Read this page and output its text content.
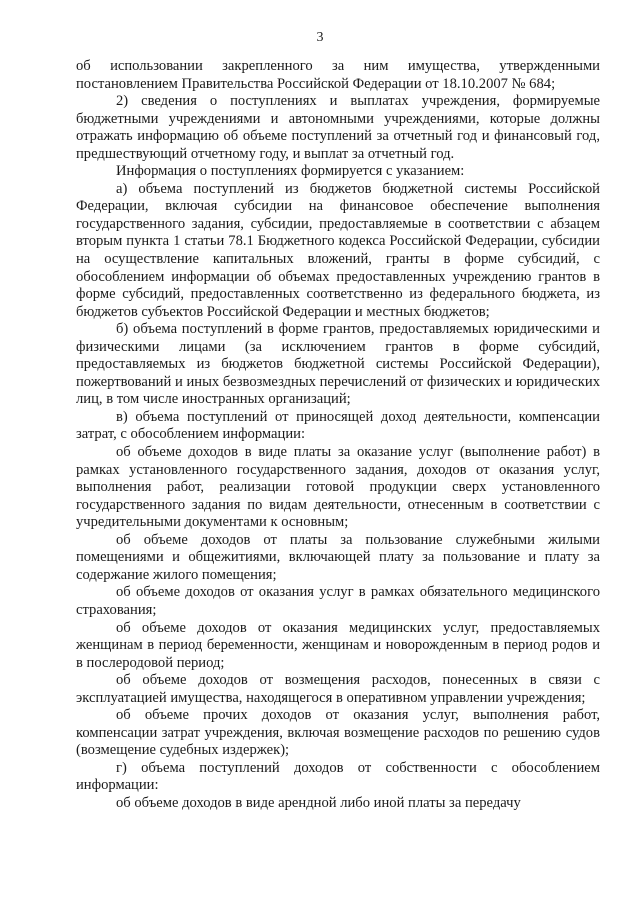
3

об использовании закрепленного за ним имущества, утвержденными постановлением Правительства Российской Федерации от 18.10.2007 № 684;

2) сведения о поступлениях и выплатах учреждения, формируемые бюджетными учреждениями и автономными учреждениями, которые должны отражать информацию об объеме поступлений за отчетный год и финансовый год, предшествующий отчетному году, и выплат за отчетный год.

Информация о поступлениях формируется с указанием:

а) объема поступлений из бюджетов бюджетной системы Российской Федерации, включая субсидии на финансовое обеспечение выполнения государственного задания, субсидии, предоставляемые в соответствии с абзацем вторым пункта 1 статьи 78.1 Бюджетного кодекса Российской Федерации, субсидии на осуществление капитальных вложений, гранты в форме субсидий, с обособлением информации об объемах предоставленных учреждению грантов в форме субсидий, предоставленных соответственно из федерального бюджета, из бюджетов субъектов Российской Федерации и местных бюджетов;

б) объема поступлений в форме грантов, предоставляемых юридическими и физическими лицами (за исключением грантов в форме субсидий, предоставляемых из бюджетов бюджетной системы Российской Федерации), пожертвований и иных безвозмездных перечислений от физических и юридических лиц, в том числе иностранных организаций;

в) объема поступлений от приносящей доход деятельности, компенсации затрат, с обособлением информации:

об объеме доходов в виде платы за оказание услуг (выполнение работ) в рамках установленного государственного задания, доходов от оказания услуг, выполнения работ, реализации готовой продукции сверх установленного государственного задания по видам деятельности, отнесенным в соответствии с учредительными документами к основным;

об объеме доходов от платы за пользование служебными жилыми помещениями и общежитиями, включающей плату за пользование и плату за содержание жилого помещения;

об объеме доходов от оказания услуг в рамках обязательного медицинского страхования;

об объеме доходов от оказания медицинских услуг, предоставляемых женщинам в период беременности, женщинам и новорожденным в период родов и в послеродовой период;

об объеме доходов от возмещения расходов, понесенных в связи с эксплуатацией имущества, находящегося в оперативном управлении учреждения;

об объеме прочих доходов от оказания услуг, выполнения работ, компенсации затрат учреждения, включая возмещение расходов по решению судов (возмещение судебных издержек);

г) объема поступлений доходов от собственности с обособлением информации:

об объеме доходов в виде арендной либо иной платы за передачу
